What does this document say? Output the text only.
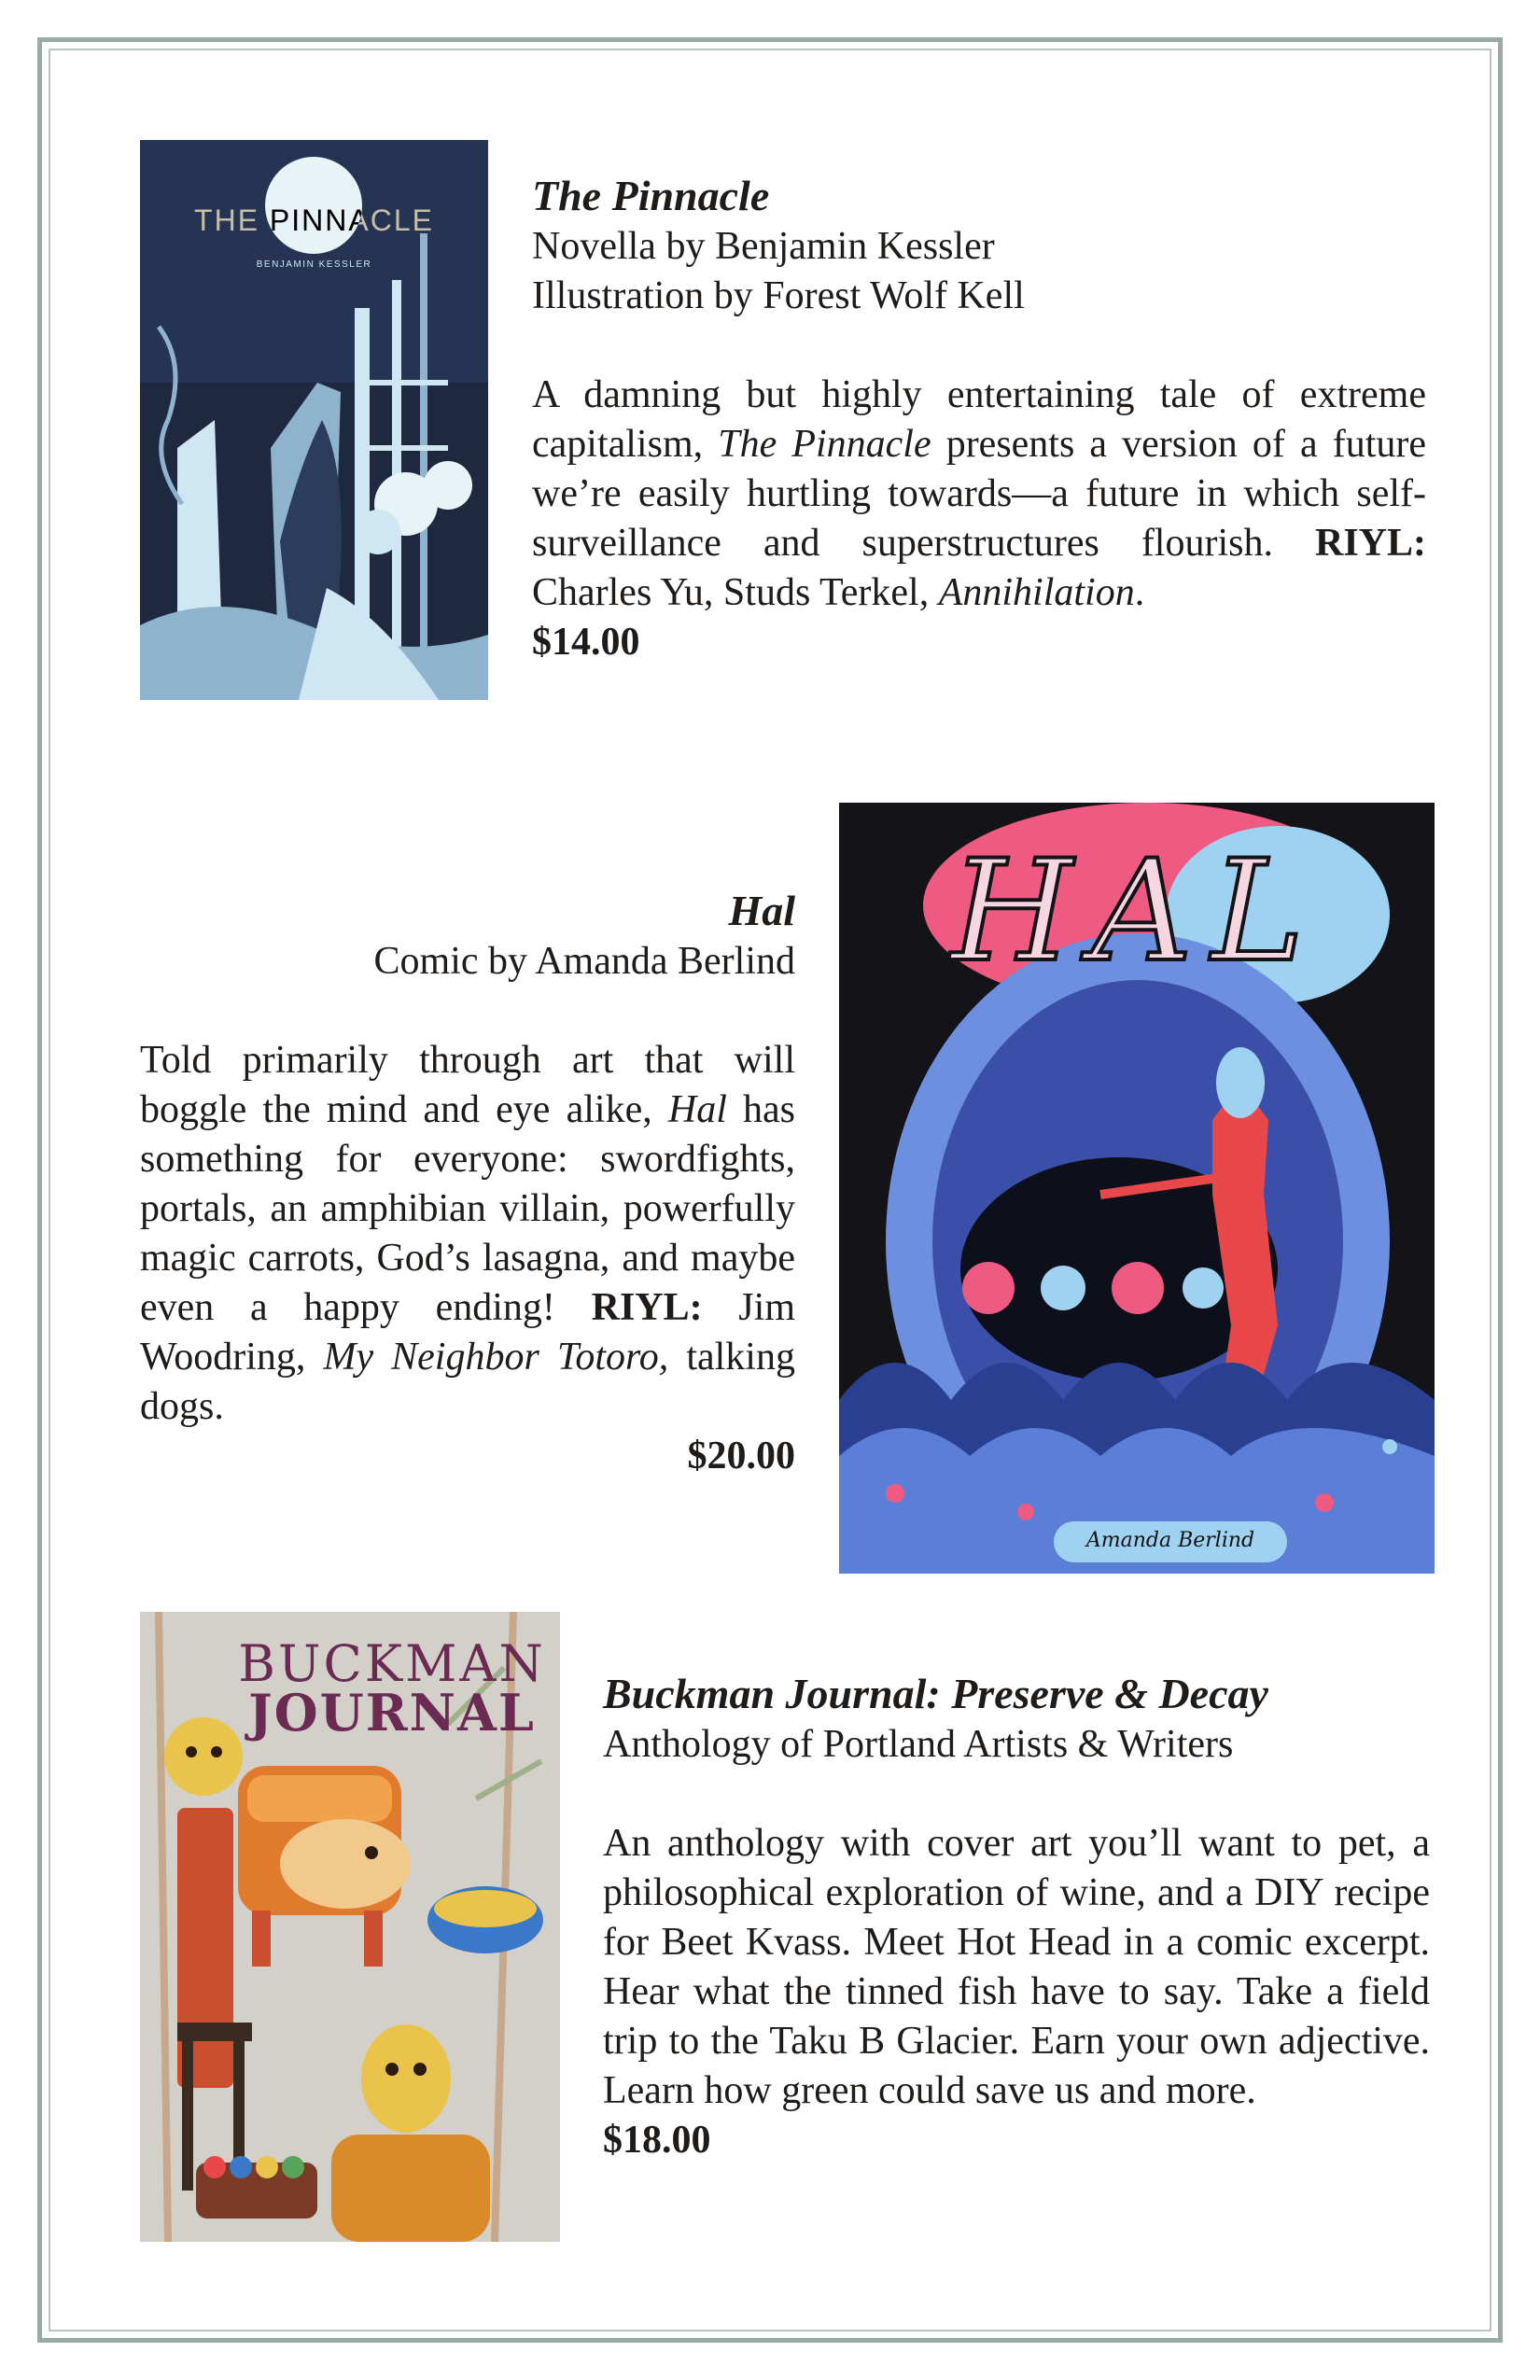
THE PINNACLE
BENJAMIN KESSLER

The Pinnacle

Novella by Benjamin Kessler

Illustration by Forest Wolf Kell

A damning but highly entertaining tale of extreme capitalism, The Pinnacle presents a version of a future we’re easily hurtling towards—a future in which self-surveillance and superstructures flourish. RIYL: Charles Yu, Studs Terkel, Annihilation.

$14.00

Hal

Comic by Amanda Berlind

Told primarily through art that will boggle the mind and eye alike, Hal has something for everyone: swordfights, portals, an amphibian villain, powerfully magic carrots, God’s lasagna, and maybe even a happy ending! RIYL: Jim Woodring, My Neighbor Totoro, talking dogs.

$20.00

HAL
Amanda Berlind
BUCKMAN
JOURNAL	Buckman Journal: Preserve & Decay

Anthology of Portland Artists & Writers

An anthology with cover art you’ll want to pet, a philosophical exploration of wine, and a DIY recipe for Beet Kvass. Meet Hot Head in a comic excerpt. Hear what the tinned fish have to say. Take a field trip to the Taku B Glacier. Earn your own adjective. Learn how green could save us and more.

$18.00
